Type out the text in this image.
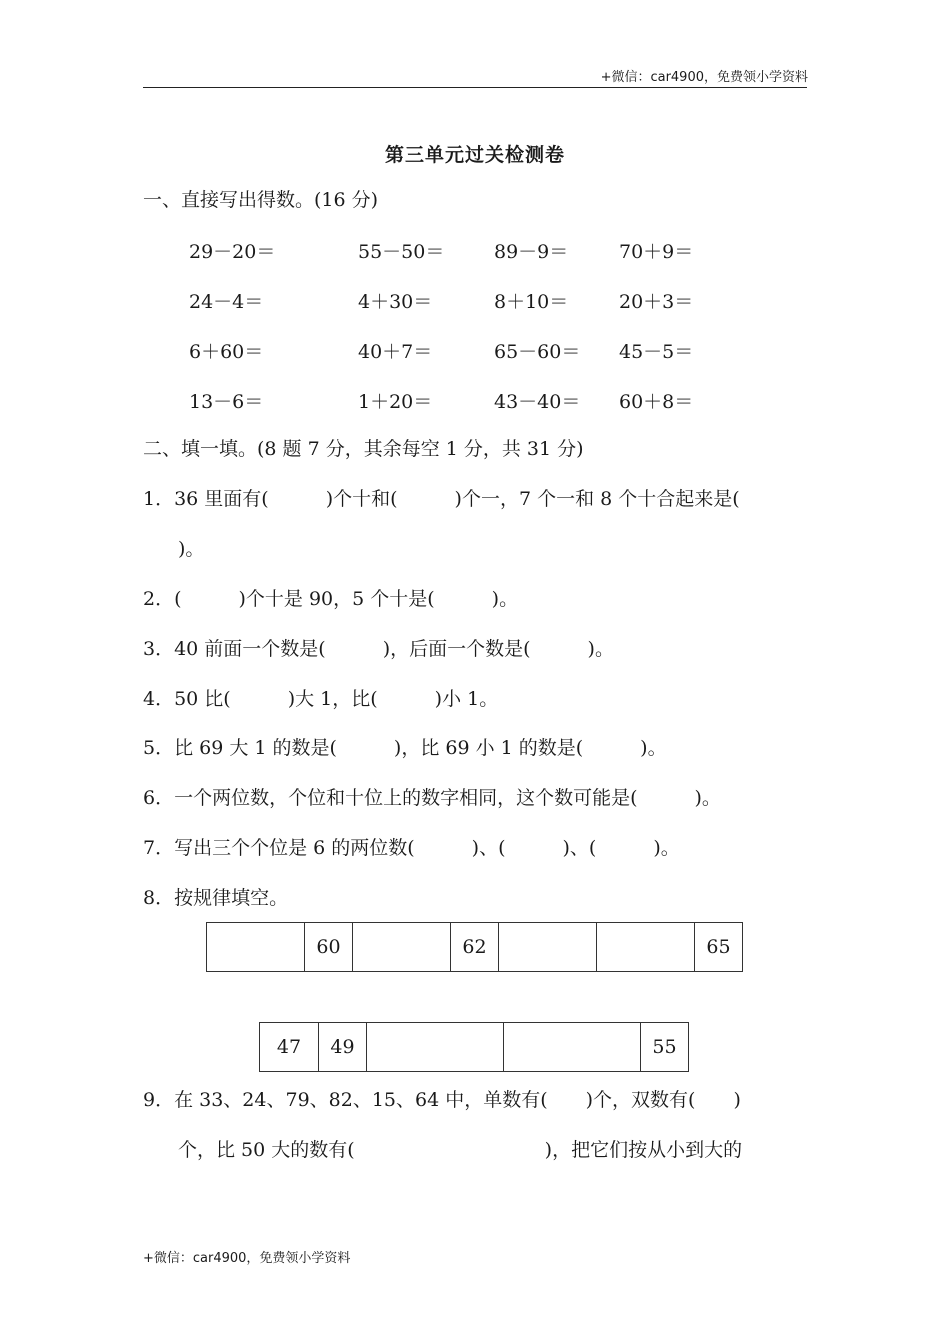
+微信：car4900，免费领小学资料
第三单元过关检测卷
一、直接写出得数。(16 分)
29－20＝	55－50＝	89－9＝	70＋9＝
24－4＝	4＋30＝	8＋10＝	20＋3＝
6＋60＝	40＋7＝	65－60＝ 45－5＝
13－6＝	1＋20＝	43－40＝ 60＋8＝
二、填一填。(8 题 7 分，其余每空 1 分，共 31 分)
1．36 里面有(　　　)个十和(　　　)个一，7 个一和 8 个十合起来是(
)。
2．(　　　)个十是 90，5 个十是(　　　)。
3．40 前面一个数是(　　　)，后面一个数是(　　　)。
4．50 比(　　　)大 1，比(　　　)小 1。
5．比 69 大 1 的数是(　　　)，比 69 小 1 的数是(　　　)。
6．一个两位数，个位和十位上的数字相同，这个数可能是(　　　)。
7．写出三个个位是 6 的两位数(　　　)、(　　　)、(　　　)。
8．按规律填空。
	60		62			65
47	49			55
9．在 33、24、79、82、15、64 中，单数有(　　)个，双数有(　　)
个，比 50 大的数有(　　　　　　　　　　)，把它们按从小到大的
+微信：car4900，免费领小学资料
